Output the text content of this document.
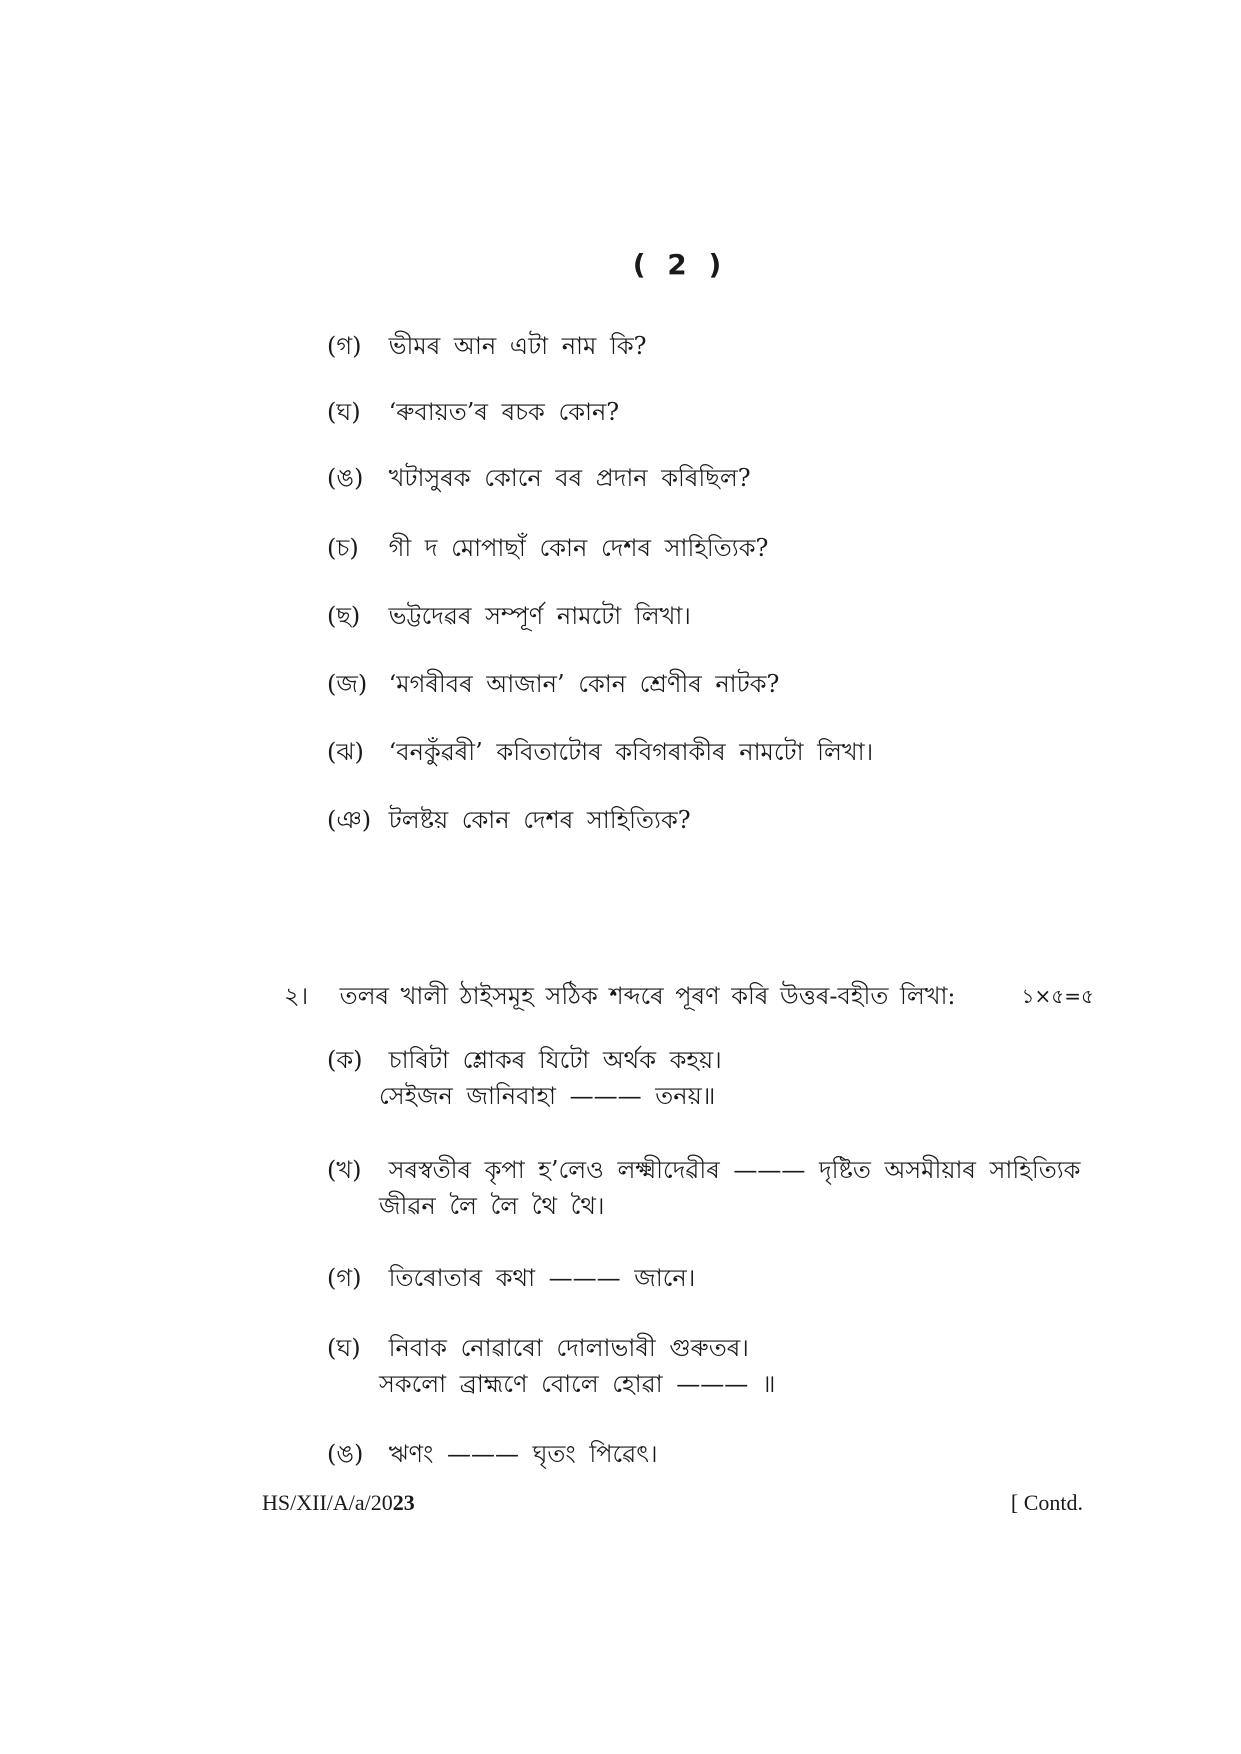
( 2 )
(গ) ভীমৰ আন এটা নাম কি?
(ঘ) ‘ৰুবায়ত’ৰ ৰচক কোন?
(ঙ) খটাসুৰক কোনে বৰ প্ৰদান কৰিছিল?
(চ) গী দ মোপাছাঁ কোন দেশৰ সাহিত্যিক?
(ছ) ভট্টদেৱৰ সম্পূৰ্ণ নামটো লিখা।
(জ) ‘মগৰীবৰ আজান’ কোন শ্ৰেণীৰ নাটক?
(ঝ) ‘বনকুঁৱৰী’ কবিতাটোৰ কবিগৰাকীৰ নামটো লিখা।
(ঞ) টলষ্টয় কোন দেশৰ সাহিত্যিক?
২। তলৰ খালী ঠাইসমূহ সঠিক শব্দৰে পূৰণ কৰি উত্তৰ-বহীত লিখা:	১×৫=৫
(ক) চাৰিটা শ্লোকৰ যিটো অৰ্থক কহয়।
সেইজন জানিবাহা ——— তনয়॥
(খ) সৰস্বতীৰ কৃপা হ’লেও লক্ষ্মীদেৱীৰ ——— দৃষ্টিত অসমীয়াৰ সাহিত্যিক
জীৱন লৈ লৈ থৈ থৈ।
(গ) তিৰোতাৰ কথা ——— জানে।
(ঘ) নিবাক নোৱাৰো দোলাভাৰী গুৰুতৰ।
সকলো ব্ৰাহ্মণে বোলে হোৱা ——— ॥
(ঙ) ঋণং ——— ঘৃতং পিৱেৎ।
HS/XII/A/a/2023	[ Contd.
